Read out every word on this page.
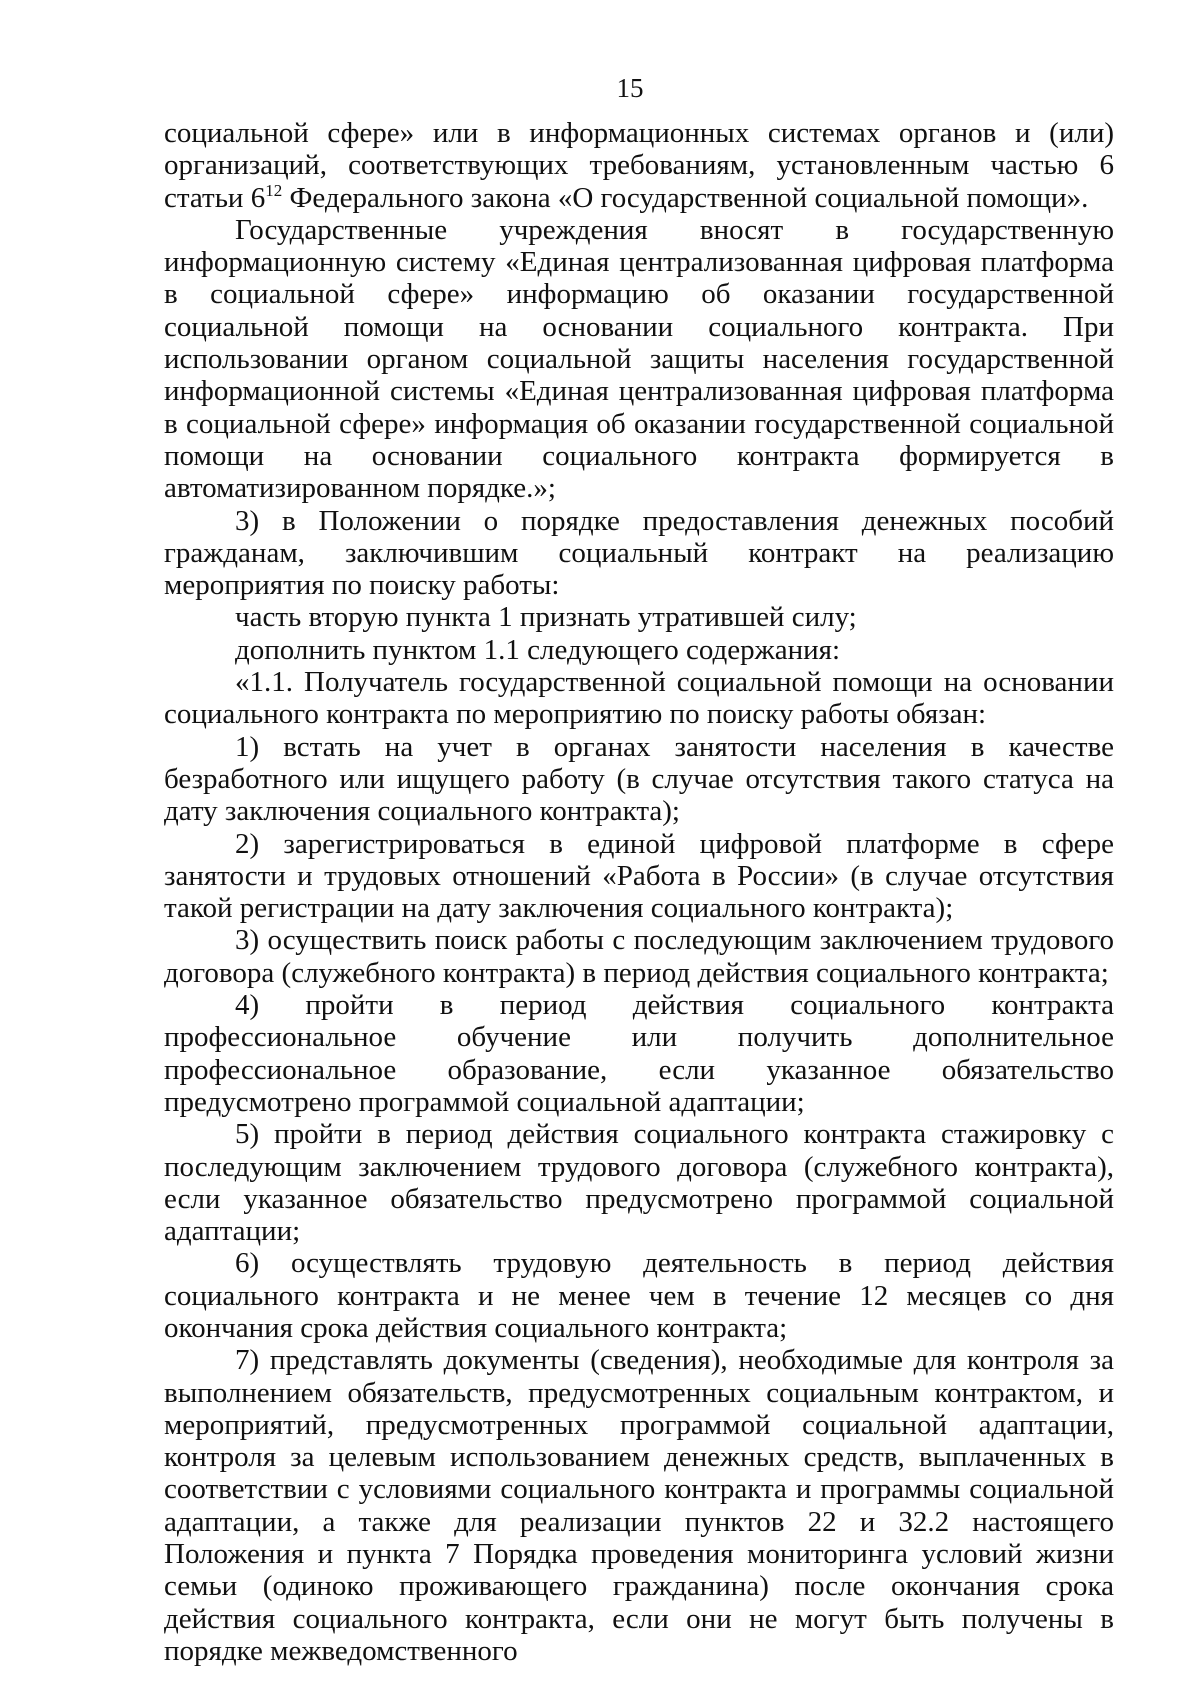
15

социальной сфере» или в информационных системах органов и (или) организаций, соответствующих требованиям, установленным частью 6 статьи $6^{12}$ Федерального закона «О государственной социальной помощи».

Государственные учреждения вносят в государственную информационную систему «Единая централизованная цифровая платформа в социальной сфере» информацию об оказании государственной социальной помощи на основании социального контракта. При использовании органом социальной защиты населения государственной информационной системы «Единая централизованная цифровая платформа в социальной сфере» информация об оказании государственной социальной помощи на основании социального контракта формируется в автоматизированном порядке.»;

3) в Положении о порядке предоставления денежных пособий гражданам, заключившим социальный контракт на реализацию мероприятия по поиску работы:

часть вторую пункта 1 признать утратившей силу;

дополнить пунктом 1.1 следующего содержания:

«1.1. Получатель государственной социальной помощи на основании социального контракта по мероприятию по поиску работы обязан:

1) встать на учет в органах занятости населения в качестве безработного или ищущего работу (в случае отсутствия такого статуса на дату заключения социального контракта);

2) зарегистрироваться в единой цифровой платформе в сфере занятости и трудовых отношений «Работа в России» (в случае отсутствия такой регистрации на дату заключения социального контракта);

3) осуществить поиск работы с последующим заключением трудового договора (служебного контракта) в период действия социального контракта;

4) пройти в период действия социального контракта профессиональное обучение или получить дополнительное профессиональное образование, если указанное обязательство предусмотрено программой социальной адаптации;

5) пройти в период действия социального контракта стажировку с последующим заключением трудового договора (служебного контракта), если указанное обязательство предусмотрено программой социальной адаптации;

6) осуществлять трудовую деятельность в период действия социального контракта и не менее чем в течение 12 месяцев со дня окончания срока действия социального контракта;

7) представлять документы (сведения), необходимые для контроля за выполнением обязательств, предусмотренных социальным контрактом, и мероприятий, предусмотренных программой социальной адаптации, контроля за целевым использованием денежных средств, выплаченных в соответствии с условиями социального контракта и программы социальной адаптации, а также для реализации пунктов 22 и 32.2 настоящего Положения и пункта 7 Порядка проведения мониторинга условий жизни семьи (одиноко проживающего гражданина) после окончания срока действия социального контракта, если они не могут быть получены в порядке межведомственного
